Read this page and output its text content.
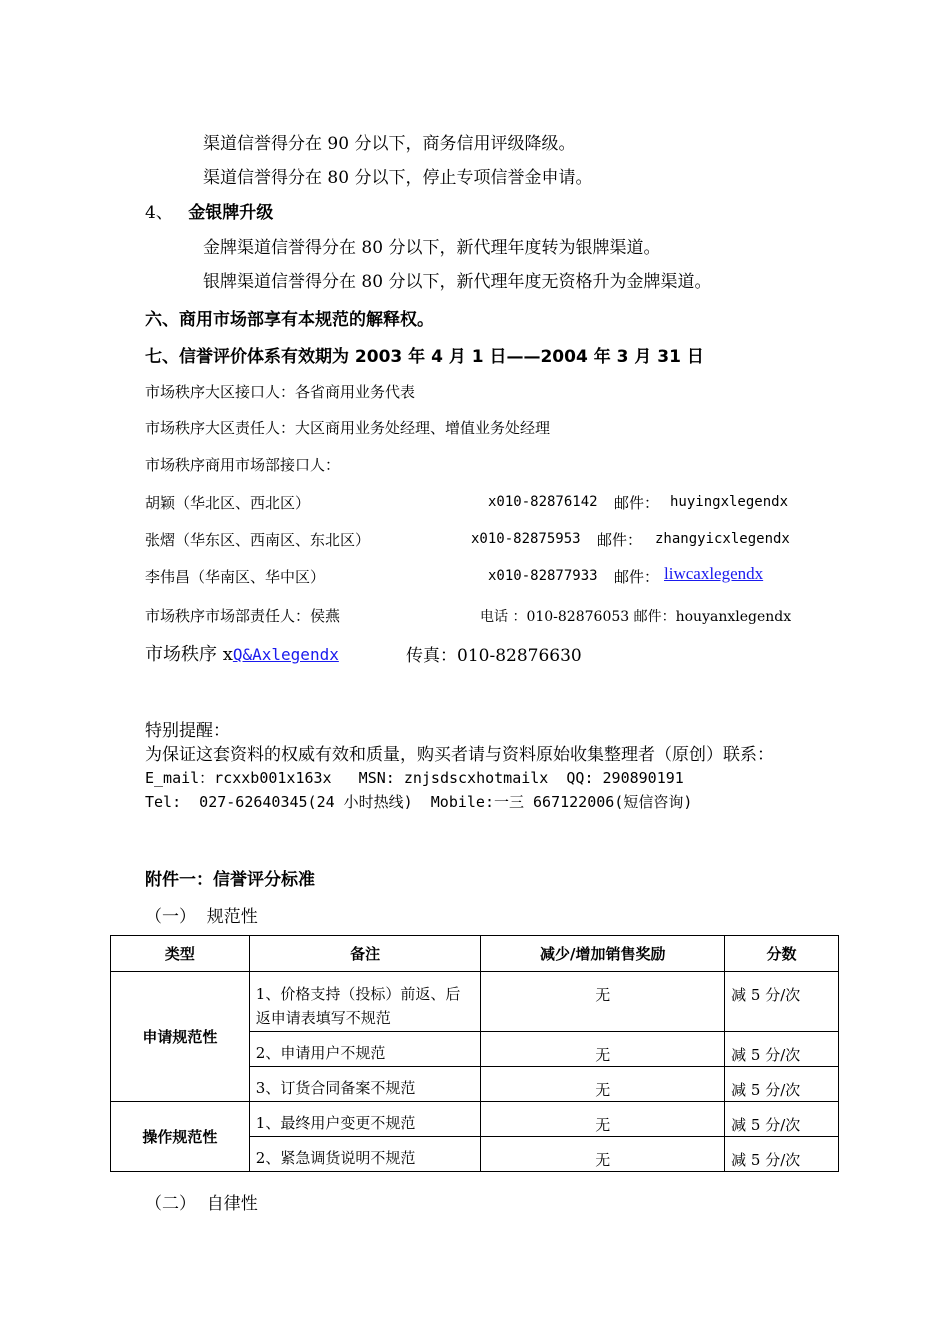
渠道信誉得分在 90 分以下，商务信用评级降级。
渠道信誉得分在 80 分以下，停止专项信誉金申请。
4、 金银牌升级
金牌渠道信誉得分在 80 分以下，新代理年度转为银牌渠道。
银牌渠道信誉得分在 80 分以下，新代理年度无资格升为金牌渠道。
六、商用市场部享有本规范的解释权。
七、信誉评价体系有效期为 2003 年 4 月 1 日——2004 年 3 月 31 日
市场秩序大区接口人：各省商用业务代表
市场秩序大区责任人：大区商用业务处经理、增值业务处经理
市场秩序商用市场部接口人：
胡颖（华北区、西北区）	x010-82876142 邮件： huyingxlegendx
张熠（华东区、西南区、东北区）	x010-82875953 邮件： zhangyicxlegendx
李伟昌（华南区、华中区）	x010-82877933 邮件： liwcaxlegendx
市场秩序市场部责任人：侯燕	电话 ：010-82876053 邮件：houyanxlegendx
市场秩序 xQ&Axlegendx	传真：010-82876630
特别提醒：
为保证这套资料的权威有效和质量，购买者请与资料原始收集整理者（原创）联系：
E_mail：rcxxb001x163x   MSN: znjsdscxhotmailx  QQ: 290890191
Tel:  027-62640345(24 小时热线)  Mobile:一三 667122006(短信咨询)
附件一：信誉评分标准
（一）  规范性
类型	备注	减少/增加销售奖励	分数
申请规范性	1、价格支持（投标）前返、后返申请表填写不规范	无	减 5 分/次
	2、申请用户不规范	无	减 5 分/次
	3、订货合同备案不规范	无	减 5 分/次
操作规范性	1、最终用户变更不规范	无	减 5 分/次
	2、紧急调货说明不规范	无	减 5 分/次
（二）  自律性
